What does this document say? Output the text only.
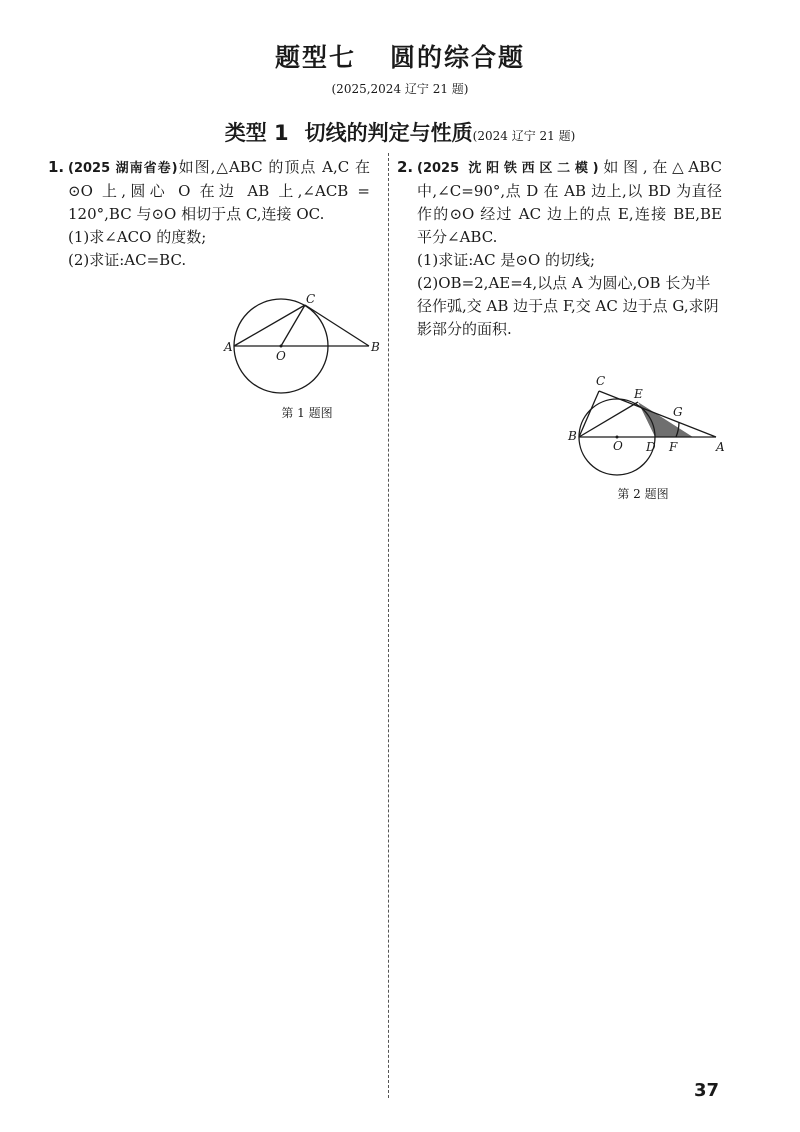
题型七 圆的综合题
(2025,2024 辽宁 21 题)
类型 1 切线的判定与性质(2024 辽宁 21 题)
1. (2025 湖南省卷)如图,△ABC 的顶点 A,C 在⊙O 上,圆心 O 在边 AB 上,∠ACB = 120°,BC 与⊙O 相切于点 C,连接 OC.
(1)求∠ACO 的度数;
(2)求证:AC=BC.
A	B
C
O
第 1 题图
2. (2025 沈阳铁西区二模)如图,在△ABC 中,∠C=90°,点 D 在 AB 边上,以 BD 为直径作的⊙O 经过 AC 边上的点 E,连接 BE,BE 平分∠ABC.
(1)求证:AC 是⊙O 的切线;
(2)OB=2,AE=4,以点 A 为圆心,OB 长为半径作弧,交 AB 边于点 F,交 AC 边于点 G,求阴影部分的面积.
B
C
E
G
O D F	A
第 2 题图
37
